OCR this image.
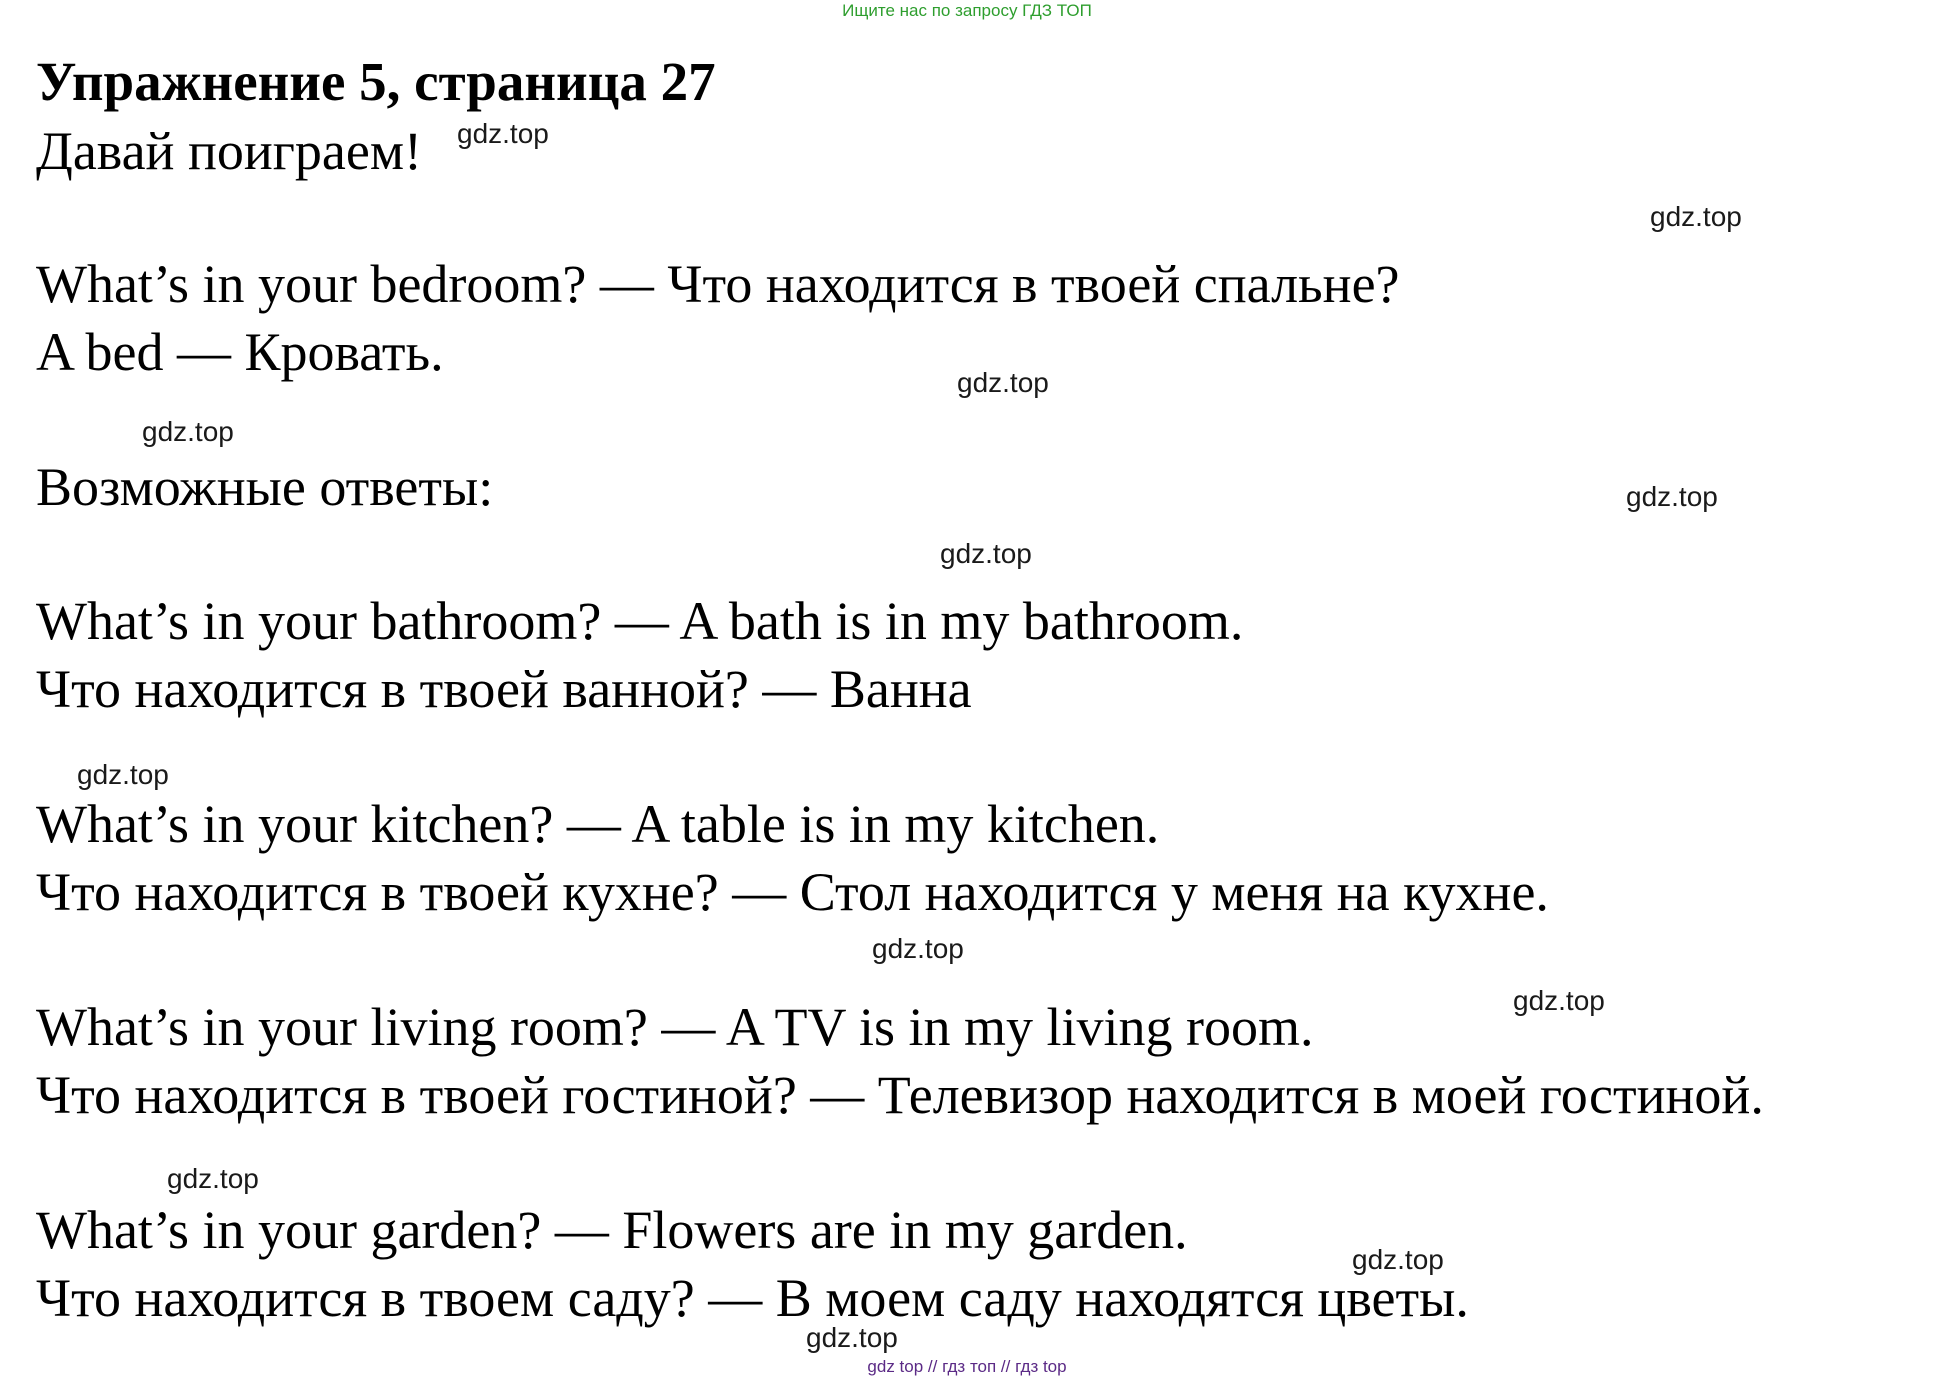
Ищите нас по запросу ГДЗ ТОП
Упражнение 5, страница 27
Давай поиграем!
What’s in your bedroom? — Что находится в твоей спальне?
A bed — Кровать.
Возможные ответы:
What’s in your bathroom? — A bath is in my bathroom.
Что находится в твоей ванной? — Ванна
What’s in your kitchen? — A table is in my kitchen.
Что находится в твоей кухне? — Стол находится у меня на кухне.
What’s in your living room? — A TV is in my living room.
Что находится в твоей гостиной? — Телевизор находится в моей гостиной.
What’s in your garden? — Flowers are in my garden.
Что находится в твоем саду? — В моем саду находятся цветы.
gdz.top
gdz.top
gdz.top
gdz.top
gdz.top
gdz.top
gdz.top
gdz.top
gdz.top
gdz.top
gdz.top
gdz.top
gdz top // гдз топ // гдз top
